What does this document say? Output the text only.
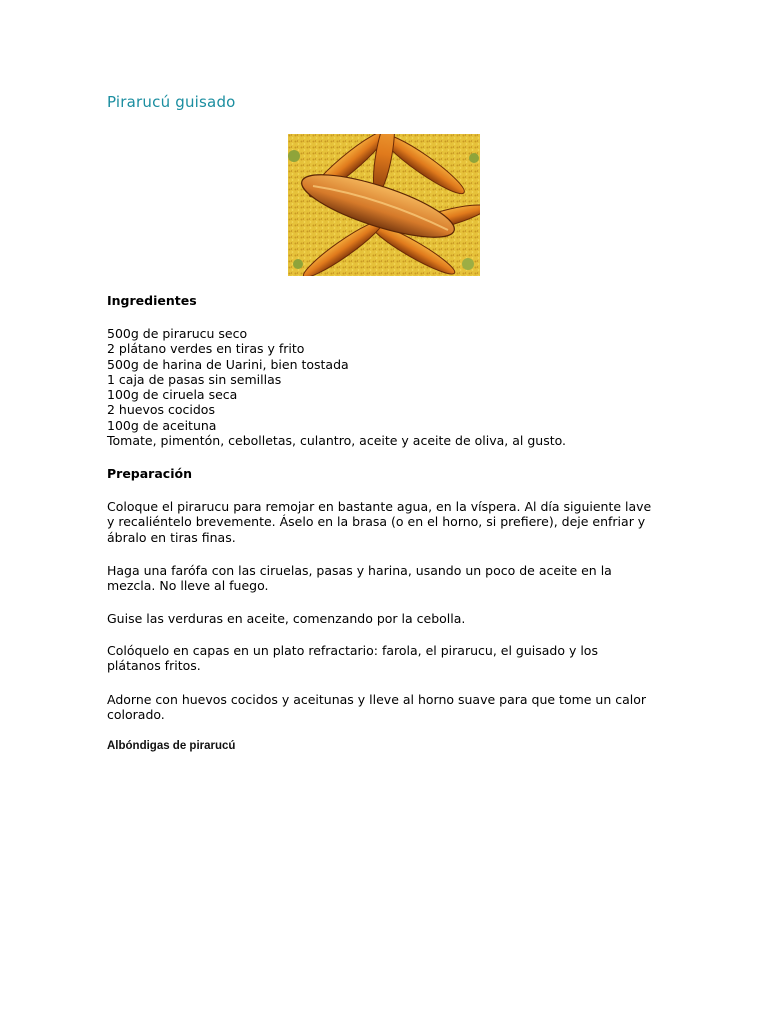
Pirarucú guisado
Ingredientes
500g de pirarucu seco
2 plátano verdes en tiras y frito
500g de harina de Uarini, bien tostada
1 caja de pasas sin semillas
100g de ciruela seca
2 huevos cocidos
100g de aceituna
Tomate, pimentón, cebolletas, culantro, aceite y aceite de oliva, al gusto.
Preparación

Coloque el pirarucu para remojar en bastante agua, en la víspera. Al día siguiente lave y recaliéntelo brevemente. Áselo en la brasa (o en el horno, si prefiere), deje enfriar y ábralo en tiras finas.

Haga una farófa con las ciruelas, pasas y harina, usando un poco de aceite en la mezcla. No lleve al fuego.

Guise las verduras en aceite, comenzando por la cebolla.

Colóquelo en capas en un plato refractario: farola, el pirarucu, el guisado y los plátanos fritos.

Adorne con huevos cocidos y aceitunas y lleve al horno suave para que tome un calor colorado.

Albóndigas de pirarucú
